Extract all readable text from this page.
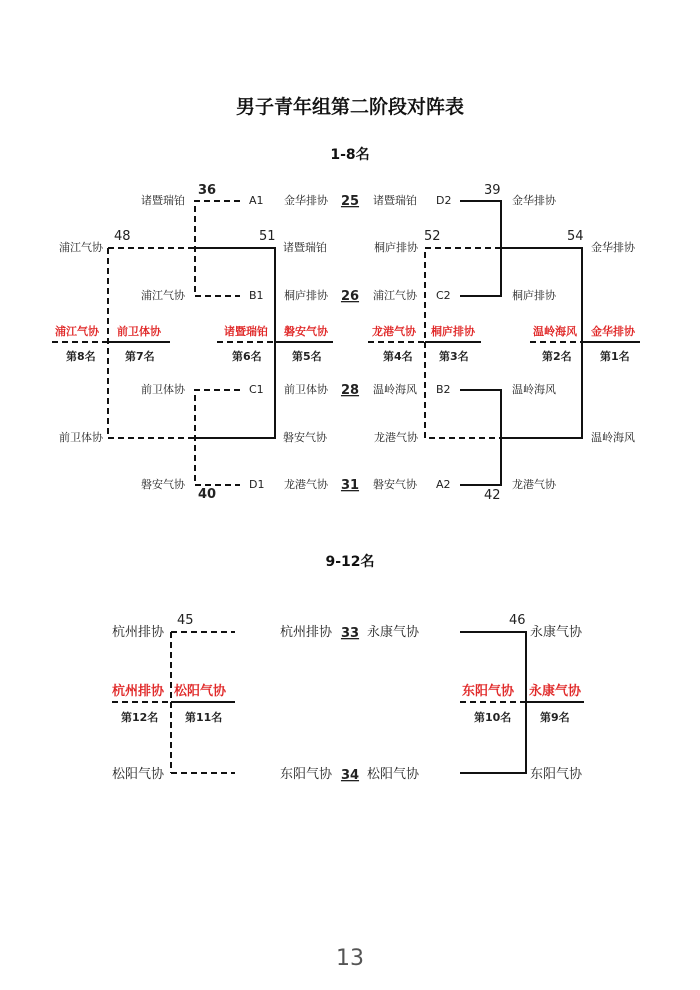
男子青年组第二阶段对阵表
1-8名
9-12名
诸暨瑞铂
浦江气协
前卫体协
磐安气协
36
40
48	51
浦江气协
前卫体协
诸暨瑞铂
磐安气协
A1
B1
C1
D1
浦江气协 前卫体协	诸暨瑞铂 磐安气协
第8名	第7名	第6名	第5名
金华排协 25 诸暨瑞铂
桐庐排协 26 浦江气协
前卫体协 28 温岭海风
龙港气协 31 磐安气协
D2
C2
B2
A2
39
42
52	54
金华排协
桐庐排协
温岭海风
龙港气协
桐庐排协
龙港气协
金华排协
温岭海风
龙港气协 桐庐排协	温岭海风 金华排协
第4名 第3名	第2名	第1名
杭州排协
松阳气协
45
杭州排协 33 永康气协
东阳气协 34 松阳气协
46
永康气协
东阳气协
杭州排协 松阳气协	东阳气协 永康气协
第12名 第11名	第10名	第9名
13
